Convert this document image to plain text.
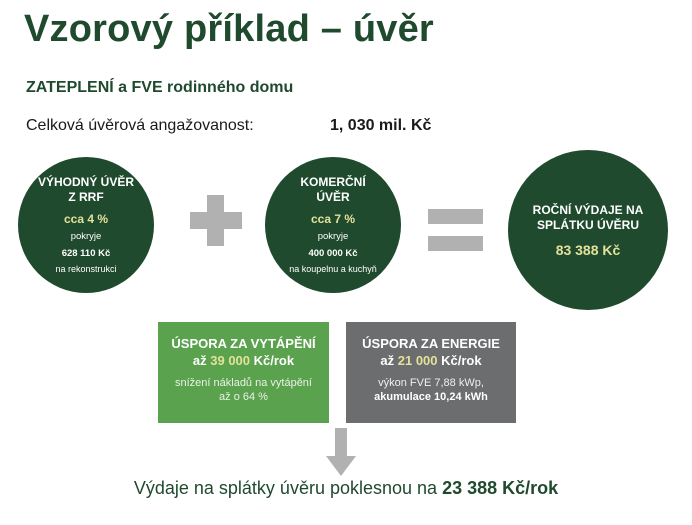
Vzorový příklad – úvěr
ZATEPLENÍ a FVE rodinného domu
Celková úvěrová angažovanost:	1, 030 mil. Kč
VÝHODNÝ ÚVĚR
Z RRF
cca 4 %
pokryje
628 110 Kč
na rekonstrukci
KOMERČNÍ
ÚVĚR
cca 7 %
pokryje
400 000 Kč
na koupelnu a kuchyň
ROČNÍ VÝDAJE NA
SPLÁTKU ÚVĚRU
83 388 Kč
ÚSPORA ZA VYTÁPĚNÍ
až 39 000 Kč/rok
snížení nákladů na vytápění
až o 64 %
ÚSPORA ZA ENERGIE
až 21 000 Kč/rok
výkon FVE 7,88 kWp,
akumulace 10,24 kWh
Výdaje na splátky úvěru poklesnou na 23 388 Kč/rok
